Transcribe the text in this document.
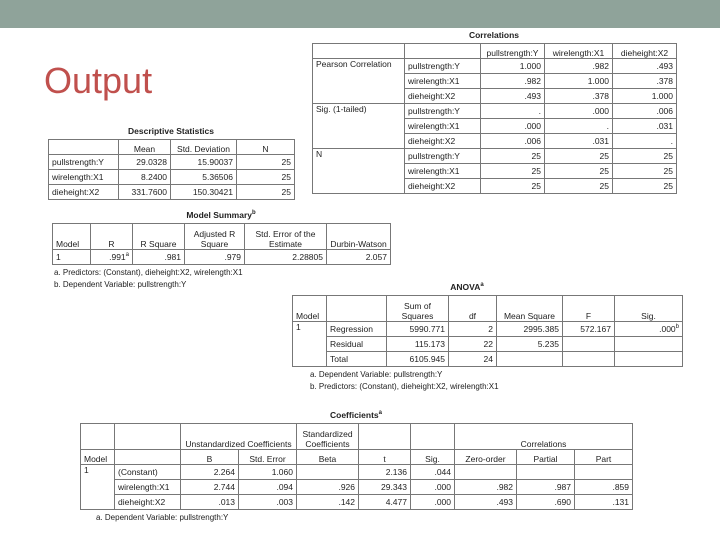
Output
Correlations
		pullstrength:Y	wirelength:X1	dieheight:X2
Pearson Correlation	pullstrength:Y	1.000	.982	.493
	wirelength:X1	.982	1.000	.378
	dieheight:X2	.493	.378	1.000
Sig. (1-tailed)	pullstrength:Y	.	.000	.006
	wirelength:X1	.000	.	.031
	dieheight:X2	.006	.031	.
N	pullstrength:Y	25	25	25
	wirelength:X1	25	25	25
	dieheight:X2	25	25	25
Descriptive Statistics
	Mean	Std. Deviation	N
pullstrength:Y	29.0328	15.90037	25
wirelength:X1	8.2400	5.36506	25
dieheight:X2	331.7600	150.30421	25
Model Summary$^b$
Model	R	R Square	Adjusted R Square	Std. Error of the Estimate	Durbin-Watson
1	.991$^a$	.981	.979	2.28805	2.057
a. Predictors: (Constant), dieheight:X2, wirelength:X1
b. Dependent Variable: pullstrength:Y	ANOVA$^a$
Model		Sum of Squares	df	Mean Square	F	Sig.
1	Regression	5990.771	2	2995.385	572.167	.000$^b$
	Residual	115.173	22	5.235		
	Total	6105.945	24			
a. Dependent Variable: pullstrength:Y
b. Predictors: (Constant), dieheight:X2, wirelength:X1
Coefficients$^a$
		Unstandardized Coefficients		Standardized Coefficients			Correlations		
Model		B	Std. Error	Beta	t	Sig.	Zero-order	Partial	Part
1	(Constant)	2.264	1.060		2.136	.044			
	wirelength:X1	2.744	.094	.926	29.343	.000	.982	.987	.859
	dieheight:X2	.013	.003	.142	4.477	.000	.493	.690	.131
a. Dependent Variable: pullstrength:Y
